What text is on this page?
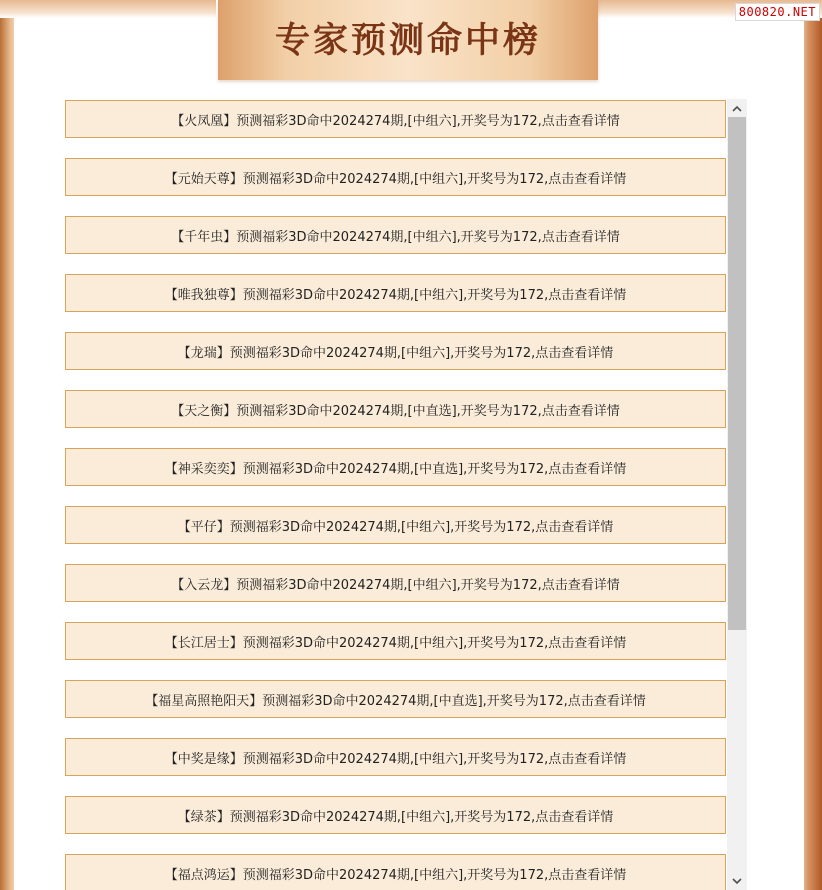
专家预测命中榜
800820.NET
【火凤凰】预测福彩3D命中2024274期,[中组六],开奖号为172,点击查看详情
【元始天尊】预测福彩3D命中2024274期,[中组六],开奖号为172,点击查看详情
【千年虫】预测福彩3D命中2024274期,[中组六],开奖号为172,点击查看详情
【唯我独尊】预测福彩3D命中2024274期,[中组六],开奖号为172,点击查看详情
【龙瑞】预测福彩3D命中2024274期,[中组六],开奖号为172,点击查看详情
【天之衡】预测福彩3D命中2024274期,[中直选],开奖号为172,点击查看详情
【神采奕奕】预测福彩3D命中2024274期,[中直选],开奖号为172,点击查看详情
【平仔】预测福彩3D命中2024274期,[中组六],开奖号为172,点击查看详情
【入云龙】预测福彩3D命中2024274期,[中组六],开奖号为172,点击查看详情
【长江居士】预测福彩3D命中2024274期,[中组六],开奖号为172,点击查看详情
【福星高照艳阳天】预测福彩3D命中2024274期,[中直选],开奖号为172,点击查看详情
【中奖是缘】预测福彩3D命中2024274期,[中组六],开奖号为172,点击查看详情
【绿茶】预测福彩3D命中2024274期,[中组六],开奖号为172,点击查看详情
【福点鸿运】预测福彩3D命中2024274期,[中组六],开奖号为172,点击查看详情
